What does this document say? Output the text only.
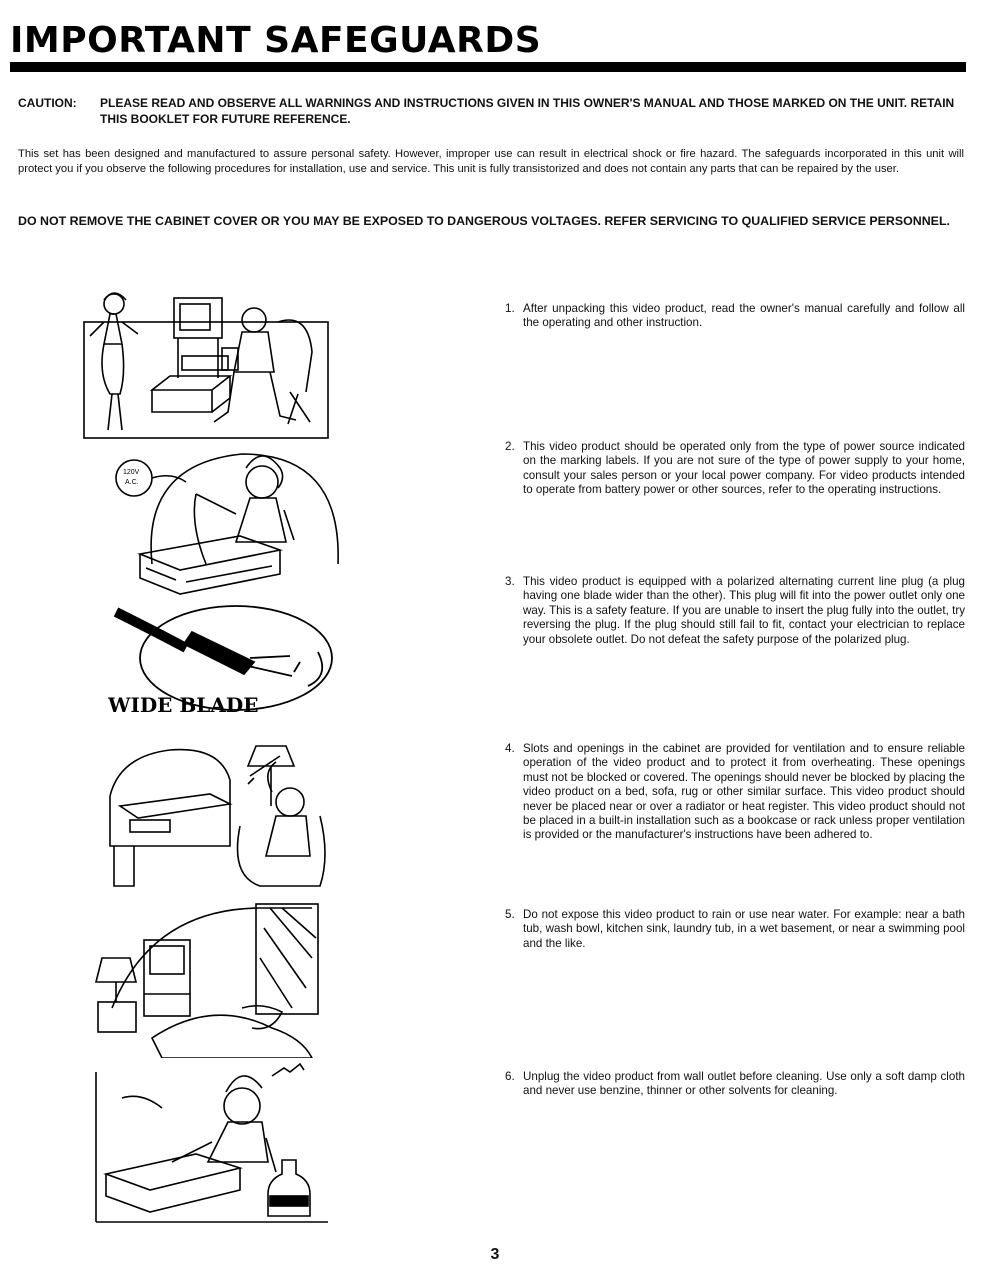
IMPORTANT SAFEGUARDS
CAUTION:	PLEASE READ AND OBSERVE ALL WARNINGS AND INSTRUCTIONS GIVEN IN THIS OWNER'S MANUAL AND THOSE MARKED ON THE UNIT. RETAIN THIS BOOKLET FOR FUTURE REFERENCE.

This set has been designed and manufactured to assure personal safety. However, improper use can result in electrical shock or fire hazard. The safeguards incorporated in this unit will protect you if you observe the following procedures for installation, use and service. This unit is fully transistorized and does not contain any parts that can be repaired by the user.

DO NOT REMOVE THE CABINET COVER OR YOU MAY BE EXPOSED TO DANGEROUS VOLTAGES. REFER SERVICING TO QUALIFIED SERVICE PERSONNEL.

120V
A.C.
WIDE BLADE
1. After unpacking this video product, read the owner's manual carefully and follow all the operating and other instruction.
2. This video product should be operated only from the type of power source indicated on the marking labels. If you are not sure of the type of power supply to your home, consult your sales person or your local power company. For video products intended to operate from battery power or other sources, refer to the operating instructions.
3. This video product is equipped with a polarized alternating current line plug (a plug having one blade wider than the other). This plug will fit into the power outlet only one way. This is a safety feature. If you are unable to insert the plug fully into the outlet, try reversing the plug. If the plug should still fail to fit, contact your electrician to replace your obsolete outlet. Do not defeat the safety purpose of the polarized plug.
4. Slots and openings in the cabinet are provided for ventilation and to ensure reliable operation of the video product and to protect it from overheating. These openings must not be blocked or covered. The openings should never be blocked by placing the video product on a bed, sofa, rug or other similar surface. This video product should never be placed near or over a radiator or heat register. This video product should not be placed in a built-in installation such as a bookcase or rack unless proper ventilation is provided or the manufacturer's instructions have been adhered to.
5. Do not expose this video product to rain or use near water. For example: near a bath tub, wash bowl, kitchen sink, laundry tub, in a wet basement, or near a swimming pool and the like.
6. Unplug the video product from wall outlet before cleaning. Use only a soft damp cloth and never use benzine, thinner or other solvents for cleaning.
3
